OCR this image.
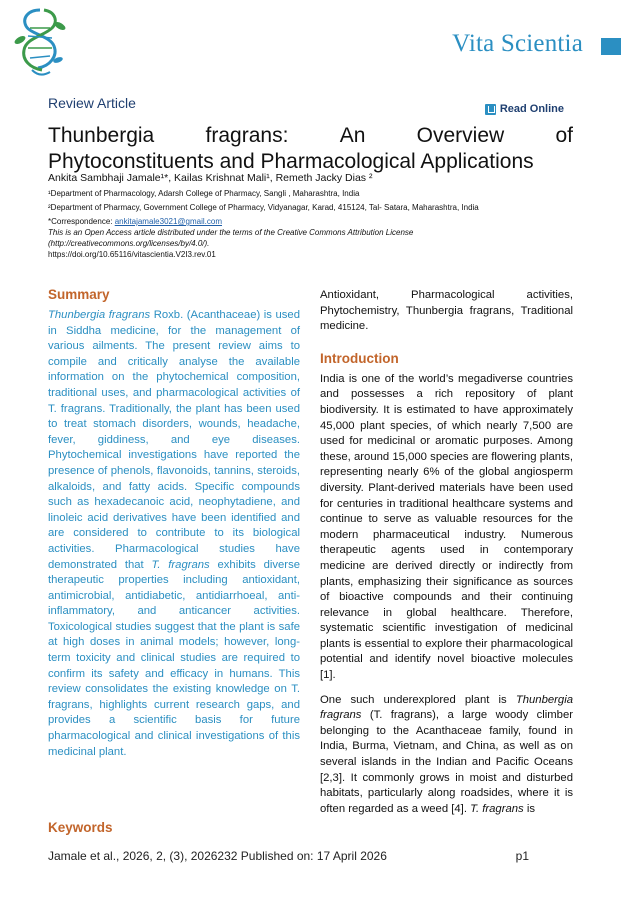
Vita Scientia
Review Article	Read Online
Thunbergia fragrans: An Overview of
Phytoconstituents and Pharmacological Applications
Ankita Sambhaji Jamale¹*, Kailas Krishnat Mali¹, Remeth Jacky Dias ²

¹Department of Pharmacology, Adarsh College of Pharmacy, Sangli , Maharashtra, India

²Department of Pharmacy, Government College of Pharmacy, Vidyanagar, Karad, 415124, Tal- Satara, Maharashtra, India

*Correspondence: ankitajamale3021@gmail.com

This is an Open Access article distributed under the terms of the Creative Commons Attribution License (http://creativecommons.org/licenses/by/4.0/).

https://doi.org/10.65116/vitascientia.V2I3.rev.01

Summary
Thunbergia fragrans Roxb. (Acanthaceae) is used in Siddha medicine, for the management of various ailments. The present review aims to compile and critically analyse the available information on the phytochemical composition, traditional uses, and pharmacological activities of T. fragrans. Traditionally, the plant has been used to treat stomach disorders, wounds, headache, fever, giddiness, and eye diseases. Phytochemical investigations have reported the presence of phenols, flavonoids, tannins, steroids, alkaloids, and fatty acids. Specific compounds such as hexadecanoic acid, neophytadiene, and linoleic acid derivatives have been identified and are considered to contribute to its biological activities. Pharmacological studies have demonstrated that T. fragrans exhibits diverse therapeutic properties including antioxidant, antimicrobial, antidiabetic, antidiarrhoeal, anti-inflammatory, and anticancer activities. Toxicological studies suggest that the plant is safe at high doses in animal models; however, long-term toxicity and clinical studies are required to confirm its safety and efficacy in humans. This review consolidates the existing knowledge on T. fragrans, highlights current research gaps, and provides a scientific basis for future pharmacological and clinical investigations of this medicinal plant.
Keywords

Antioxidant, Pharmacological activities, Phytochemistry, Thunbergia fragrans, Traditional medicine.

Introduction

India is one of the world’s megadiverse countries and possesses a rich repository of plant biodiversity. It is estimated to have approximately 45,000 plant species, of which nearly 7,500 are used for medicinal or aromatic purposes. Among these, around 15,000 species are flowering plants, representing nearly 6% of the global angiosperm diversity. Plant-derived materials have been used for centuries in traditional healthcare systems and continue to serve as valuable resources for the modern pharmaceutical industry. Numerous therapeutic agents used in contemporary medicine are derived directly or indirectly from plants, emphasizing their significance as sources of bioactive compounds and their continuing relevance in global healthcare. Therefore, systematic scientific investigation of medicinal plants is essential to explore their pharmacological potential and identify novel bioactive molecules [1].

One such underexplored plant is Thunbergia fragrans (T. fragrans), a large woody climber belonging to the Acanthaceae family, found in India, Burma, Vietnam, and China, as well as on several islands in the Indian and Pacific Oceans [2,3]. It commonly grows in moist and disturbed habitats, particularly along roadsides, where it is often regarded as a weed [4]. T. fragrans is

Jamale et al., 2026, 2, (3), 2026232 Published on: 17 April 2026	p1
